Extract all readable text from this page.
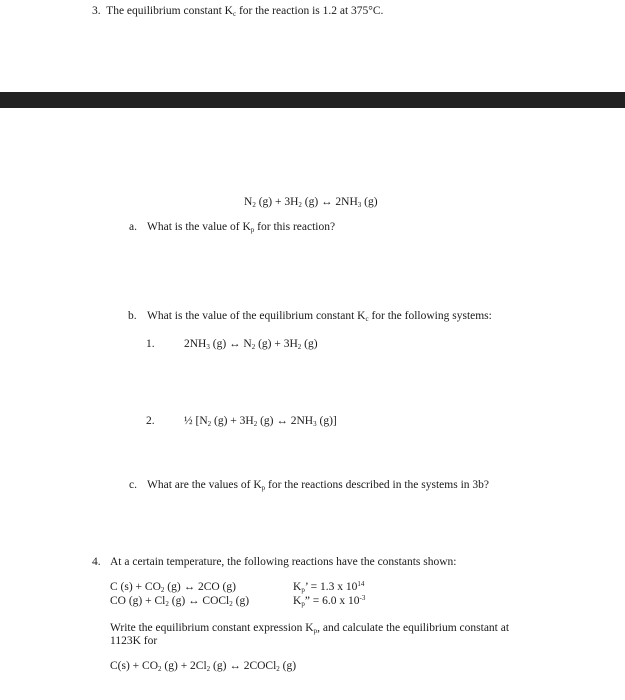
3. The equilibrium constant $K_c$ for the reaction is 1.2 at 375°C.
$N_2$ $(g) + 3H_2$ (g) ↔ $2NH_3$ (g)
a. What is the value of $K_p$ for this reaction?
b. What is the value of the equilibrium constant $K_c$ for the following systems:
1.	$2NH_3$ (g) ↔ $N_2$ $(g) + 3H_2$ (g)
2.	½ [$N_2$ $(g) + 3H_2$ (g) ↔ $2NH_3$ (g)]
c. What are the values of $K_p$ for the reactions described in the systems in 3b?
4. At a certain temperature, the following reactions have the constants shown:
C $(s) + CO_2$ (g) ↔ 2CO (g)	$K_p$’ = 1.3 x $10^{14}$
CO $(g) + Cl_2$ (g) ↔ COCl$_2$ (g)	$K_p$” = 6.0 x $10^{-3}$
Write the equilibrium constant expression $K_p$, and calculate the equilibrium constant at
1123K for
$C(s) + CO_2$ $(g) + 2Cl_2$ (g) ↔ 2COCl$_2$ (g)
